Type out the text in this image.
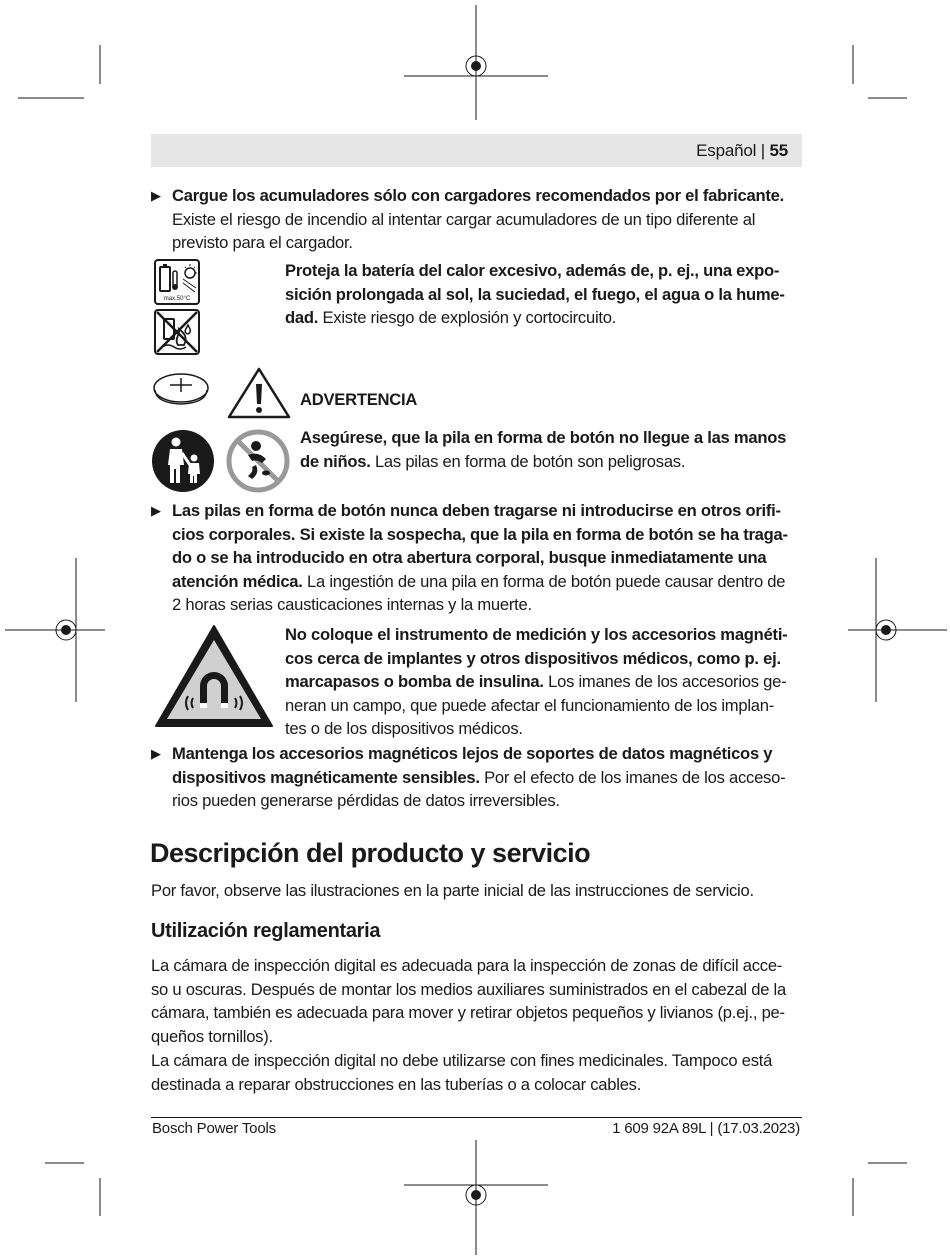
Español | 55
▶ Cargue los acumuladores sólo con cargadores recomendados por el fabricante.
Existe el riesgo de incendio al intentar cargar acumuladores de un tipo diferente al
previsto para el cargador.
max.50°C
Proteja la batería del calor excesivo, además de, p. ej., una expo-
sición prolongada al sol, la suciedad, el fuego, el agua o la hume-
dad. Existe riesgo de explosión y cortocircuito.
ADVERTENCIA
Asegúrese, que la pila en forma de botón no llegue a las manos
de niños. Las pilas en forma de botón son peligrosas.
▶ Las pilas en forma de botón nunca deben tragarse ni introducirse en otros orifi-
cios corporales. Si existe la sospecha, que la pila en forma de botón se ha traga-
do o se ha introducido en otra abertura corporal, busque inmediatamente una
atención médica. La ingestión de una pila en forma de botón puede causar dentro de
2 horas serias causticaciones internas y la muerte.
No coloque el instrumento de medición y los accesorios magnéti-
cos cerca de implantes y otros dispositivos médicos, como p. ej.
marcapasos o bomba de insulina. Los imanes de los accesorios ge-
neran un campo, que puede afectar el funcionamiento de los implan-
tes o de los dispositivos médicos.
▶ Mantenga los accesorios magnéticos lejos de soportes de datos magnéticos y
dispositivos magnéticamente sensibles. Por el efecto de los imanes de los acceso-
rios pueden generarse pérdidas de datos irreversibles.
Descripción del producto y servicio
Por favor, observe las ilustraciones en la parte inicial de las instrucciones de servicio.
Utilización reglamentaria
La cámara de inspección digital es adecuada para la inspección de zonas de difícil acce-
so u oscuras. Después de montar los medios auxiliares suministrados en el cabezal de la
cámara, también es adecuada para mover y retirar objetos pequeños y livianos (p.ej., pe-
queños tornillos).
La cámara de inspección digital no debe utilizarse con fines medicinales. Tampoco está
destinada a reparar obstrucciones en las tuberías o a colocar cables.
Bosch Power Tools	1 609 92A 89L | (17.03.2023)
